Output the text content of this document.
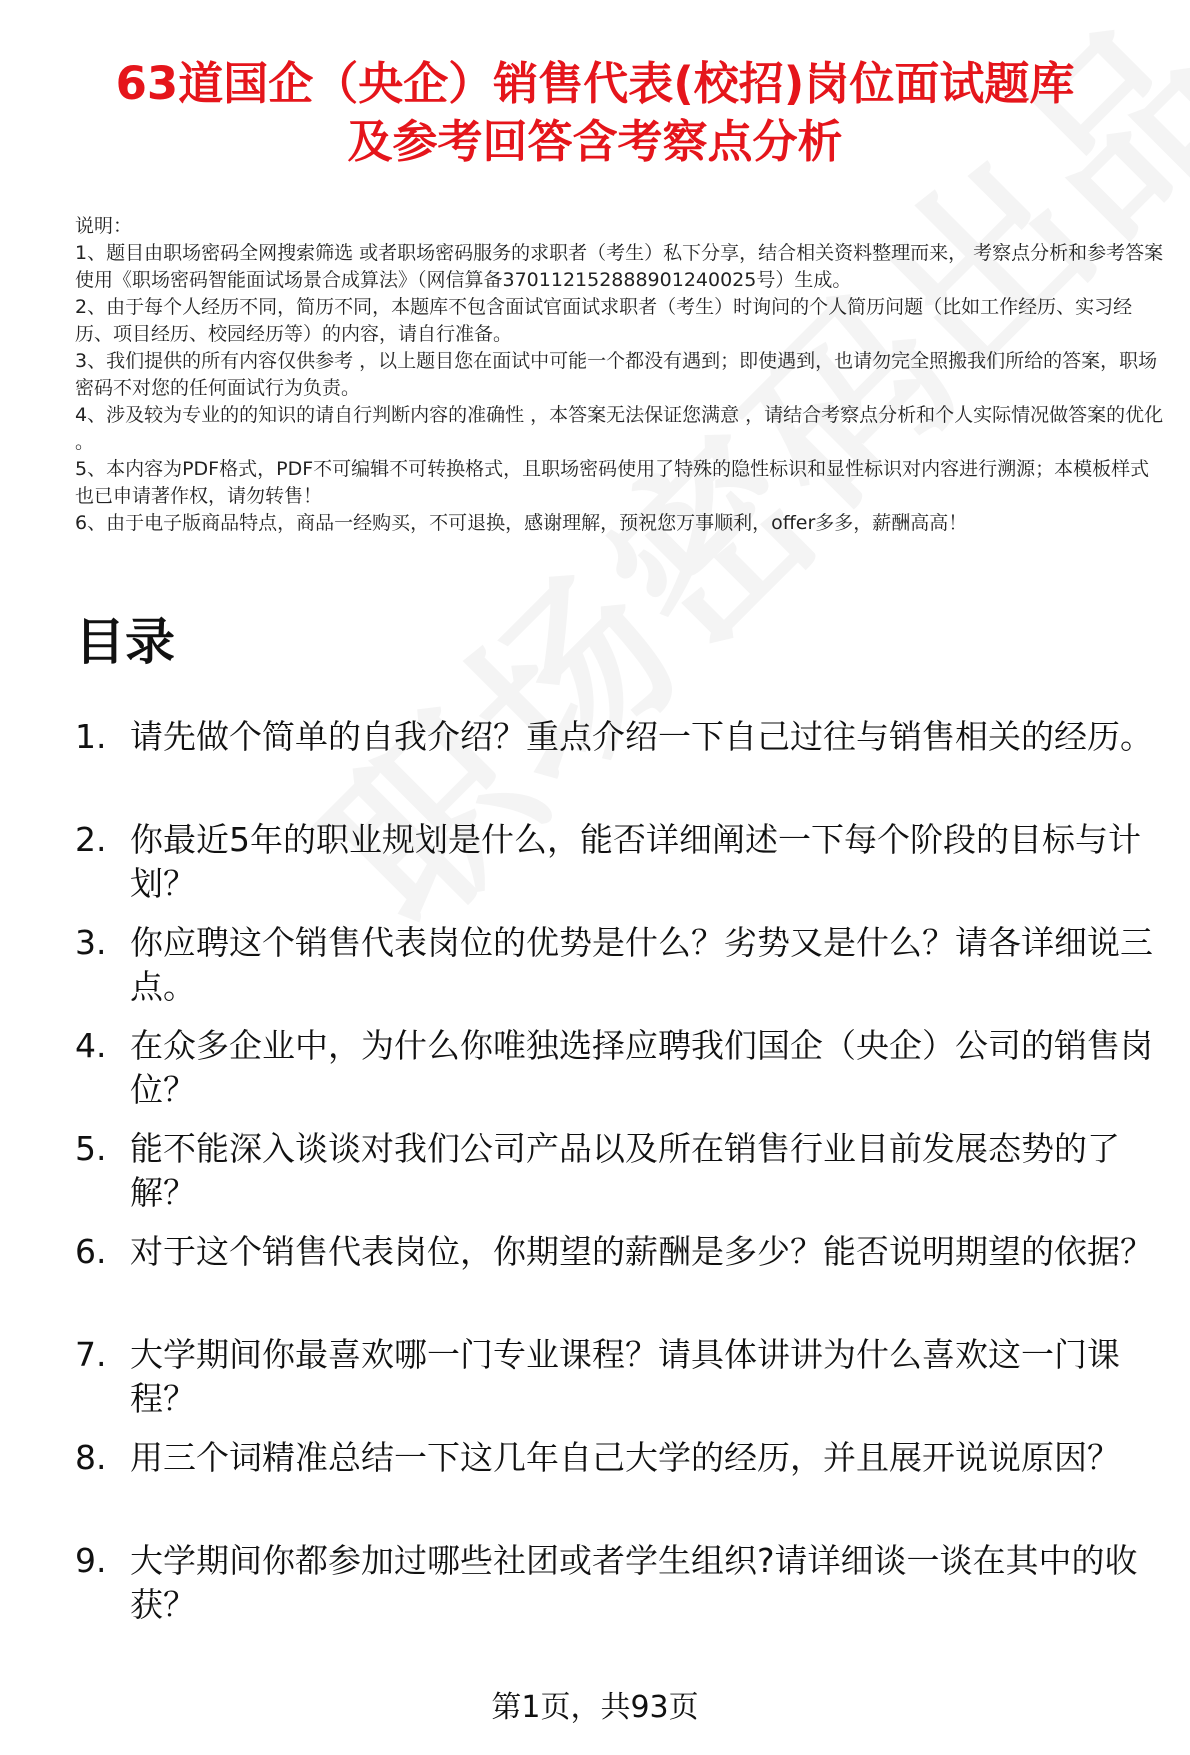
63道国企（央企）销售代表(校招)岗位面试题库
及参考回答含考察点分析

说明：

1、题目由职场密码全网搜索筛选 或者职场密码服务的求职者（考生）私下分享，结合相关资料整理而来， 考察点分析和参考答案使用《职场密码智能面试场景合成算法》（网信算备370112152888901240025号）生成。

2、由于每个人经历不同，简历不同，本题库不包含面试官面试求职者（考生）时询问的个人简历问题（比如工作经历、实习经历、项目经历、校园经历等）的内容，请自行准备。

3、我们提供的所有内容仅供参考 ，以上题目您在面试中可能一个都没有遇到；即使遇到，也请勿完全照搬我们所给的答案，职场密码不对您的任何面试行为负责。

4、涉及较为专业的的知识的请自行判断内容的准确性 ，本答案无法保证您满意 ，请结合考察点分析和个人实际情况做答案的优化 。

5、本内容为PDF格式，PDF不可编辑不可转换格式，且职场密码使用了特殊的隐性标识和显性标识对内容进行溯源；本模板样式也已申请著作权，请勿转售！

6、由于电子版商品特点，商品一经购买，不可退换，感谢理解，预祝您万事顺利，offer多多，薪酬高高！

目录
1. 请先做个简单的自我介绍？重点介绍一下自己过往与销售相关的经历。
2. 你最近5年的职业规划是什么，能否详细阐述一下每个阶段的目标与计划？
3. 你应聘这个销售代表岗位的优势是什么？劣势又是什么？请各详细说三点。
4. 在众多企业中，为什么你唯独选择应聘我们国企（央企）公司的销售岗位？
5. 能不能深入谈谈对我们公司产品以及所在销售行业目前发展态势的了解？
6. 对于这个销售代表岗位，你期望的薪酬是多少？能否说明期望的依据？
7. 大学期间你最喜欢哪一门专业课程？请具体讲讲为什么喜欢这一门课程？
8. 用三个词精准总结一下这几年自己大学的经历，并且展开说说原因？
9. 大学期间你都参加过哪些社团或者学生组织?请详细谈一谈在其中的收获？
第1页，共93页
